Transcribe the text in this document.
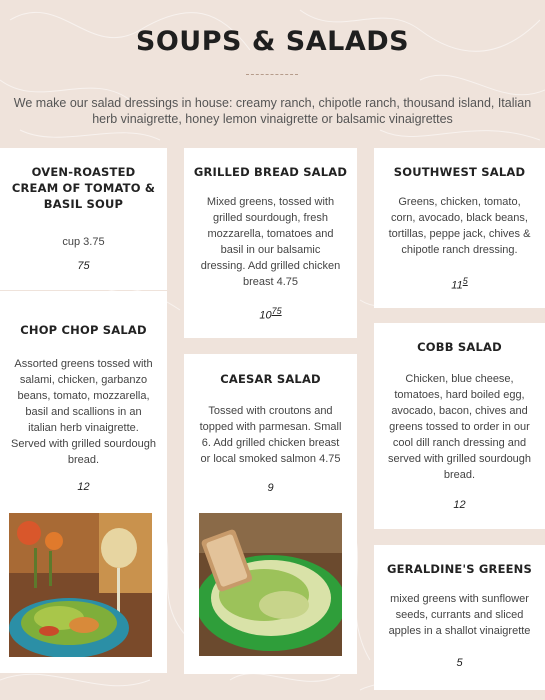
SOUPS & SALADS

We make our salad dressings in house: creamy ranch, chipotle ranch, thousand island, Italian herb vinaigrette, honey lemon vinaigrette or balsamic vinaigrettes

OVEN-ROASTED CREAM OF TOMATO & BASIL SOUP

cup 3.75

75
CHOP CHOP SALAD

Assorted greens tossed with salami, chicken, garbanzo beans, tomato, mozzarella, basil and scallions in an italian herb vinaigrette. Served with grilled sourdough bread.

12
GRILLED BREAD SALAD

Mixed greens, tossed with grilled sourdough, fresh mozzarella, tomatoes and basil in our balsamic dressing. Add grilled chicken breast 4.75

$10_{75}$
CAESAR SALAD

Tossed with croutons and topped with parmesan. Small 6. Add grilled chicken breast or local smoked salmon 4.75

9
SOUTHWEST SALAD

Greens, chicken, tomato, corn, avocado, black beans, tortillas, peppe jack, chives & chipotle ranch dressing.

$11_5$
COBB SALAD

Chicken, blue cheese, tomatoes, hard boiled egg, avocado, bacon, chives and greens tossed to order in our cool dill ranch dressing and served with grilled sourdough bread.

12
GERALDINE'S GREENS

mixed greens with sunflower seeds, currants and sliced apples in a shallot vinaigrette

5
